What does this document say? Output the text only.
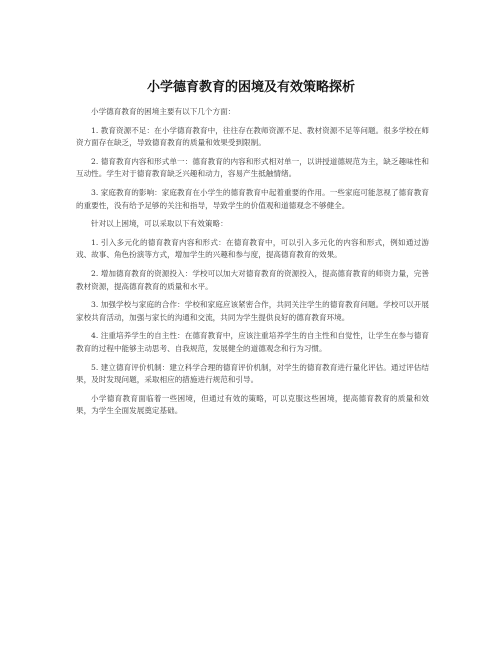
小学德育教育的困境及有效策略探析

小学德育教育的困境主要有以下几个方面：

1. 教育资源不足：在小学德育教育中，往往存在教师资源不足、教材资源不足等问题。很多学校在师资方面存在缺乏，导致德育教育的质量和效果受到限制。

2. 德育教育内容和形式单一：德育教育的内容和形式相对单一，以讲授道德规范为主，缺乏趣味性和互动性。学生对于德育教育缺乏兴趣和动力，容易产生抵触情绪。

3. 家庭教育的影响：家庭教育在小学生的德育教育中起着重要的作用。一些家庭可能忽视了德育教育的重要性，没有给予足够的关注和指导，导致学生的价值观和道德观念不够健全。

针对以上困境，可以采取以下有效策略：

1. 引入多元化的德育教育内容和形式：在德育教育中，可以引入多元化的内容和形式，例如通过游戏、故事、角色扮演等方式，增加学生的兴趣和参与度，提高德育教育的效果。

2. 增加德育教育的资源投入：学校可以加大对德育教育的资源投入，提高德育教育的师资力量，完善教材资源，提高德育教育的质量和水平。

3. 加强学校与家庭的合作：学校和家庭应该紧密合作，共同关注学生的德育教育问题。学校可以开展家校共育活动，加强与家长的沟通和交流，共同为学生提供良好的德育教育环境。

4. 注重培养学生的自主性：在德育教育中，应该注重培养学生的自主性和自觉性，让学生在参与德育教育的过程中能够主动思考、自我规范，发展健全的道德观念和行为习惯。

5. 建立德育评价机制：建立科学合理的德育评价机制，对学生的德育教育进行量化评估。通过评估结果，及时发现问题，采取相应的措施进行规范和引导。

小学德育教育面临着一些困境，但通过有效的策略，可以克服这些困境，提高德育教育的质量和效果，为学生全面发展奠定基础。
